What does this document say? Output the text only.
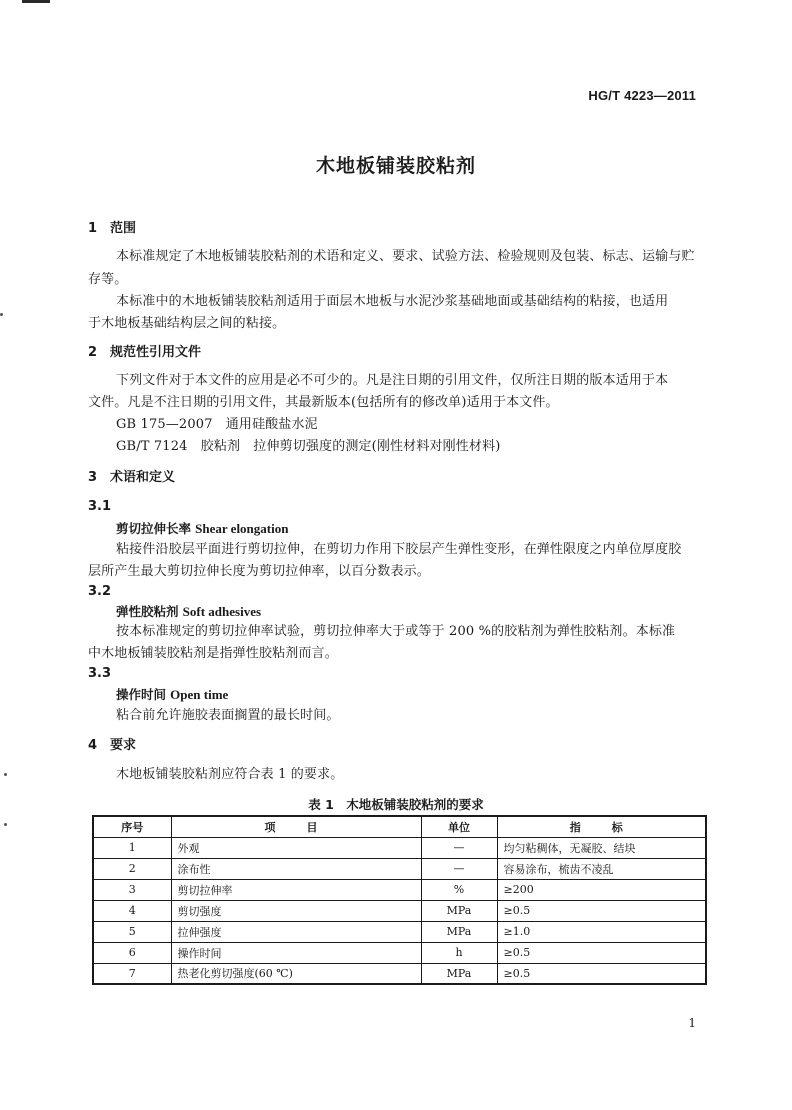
HG/T 4223—2011
木地板铺装胶粘剂
1 范围
本标准规定了木地板铺装胶粘剂的术语和定义、要求、试验方法、检验规则及包装、标志、运输与贮
存等。
本标准中的木地板铺装胶粘剂适用于面层木地板与水泥沙浆基础地面或基础结构的粘接，也适用
于木地板基础结构层之间的粘接。
2 规范性引用文件
下列文件对于本文件的应用是必不可少的。凡是注日期的引用文件，仅所注日期的版本适用于本
文件。凡是不注日期的引用文件，其最新版本(包括所有的修改单)适用于本文件。
GB 175—2007　通用硅酸盐水泥
GB/T 7124　胶粘剂　拉伸剪切强度的测定(刚性材料对刚性材料)
3 术语和定义
3.1
剪切拉伸长率 Shear elongation
粘接件沿胶层平面进行剪切拉伸，在剪切力作用下胶层产生弹性变形，在弹性限度之内单位厚度胶
层所产生最大剪切拉伸长度为剪切拉伸率，以百分数表示。
3.2
弹性胶粘剂 Soft adhesives
按本标准规定的剪切拉伸率试验，剪切拉伸率大于或等于 200 %的胶粘剂为弹性胶粘剂。本标准
中木地板铺装胶粘剂是指弹性胶粘剂而言。
3.3
操作时间 Open time
粘合前允许施胶表面搁置的最长时间。
4 要求
木地板铺装胶粘剂应符合表 1 的要求。
表 1　木地板铺装胶粘剂的要求
序号	项　目	单位	指　标
1	外观	—	均匀粘稠体，无凝胶、结块
2	涂布性	—	容易涂布，梳齿不凌乱
3	剪切拉伸率	%	≥200
4	剪切强度	MPa	≥0.5
5	拉伸强度	MPa	≥1.0
6	操作时间	h	≥0.5
7	热老化剪切强度(60 ℃)	MPa	≥0.5
1
